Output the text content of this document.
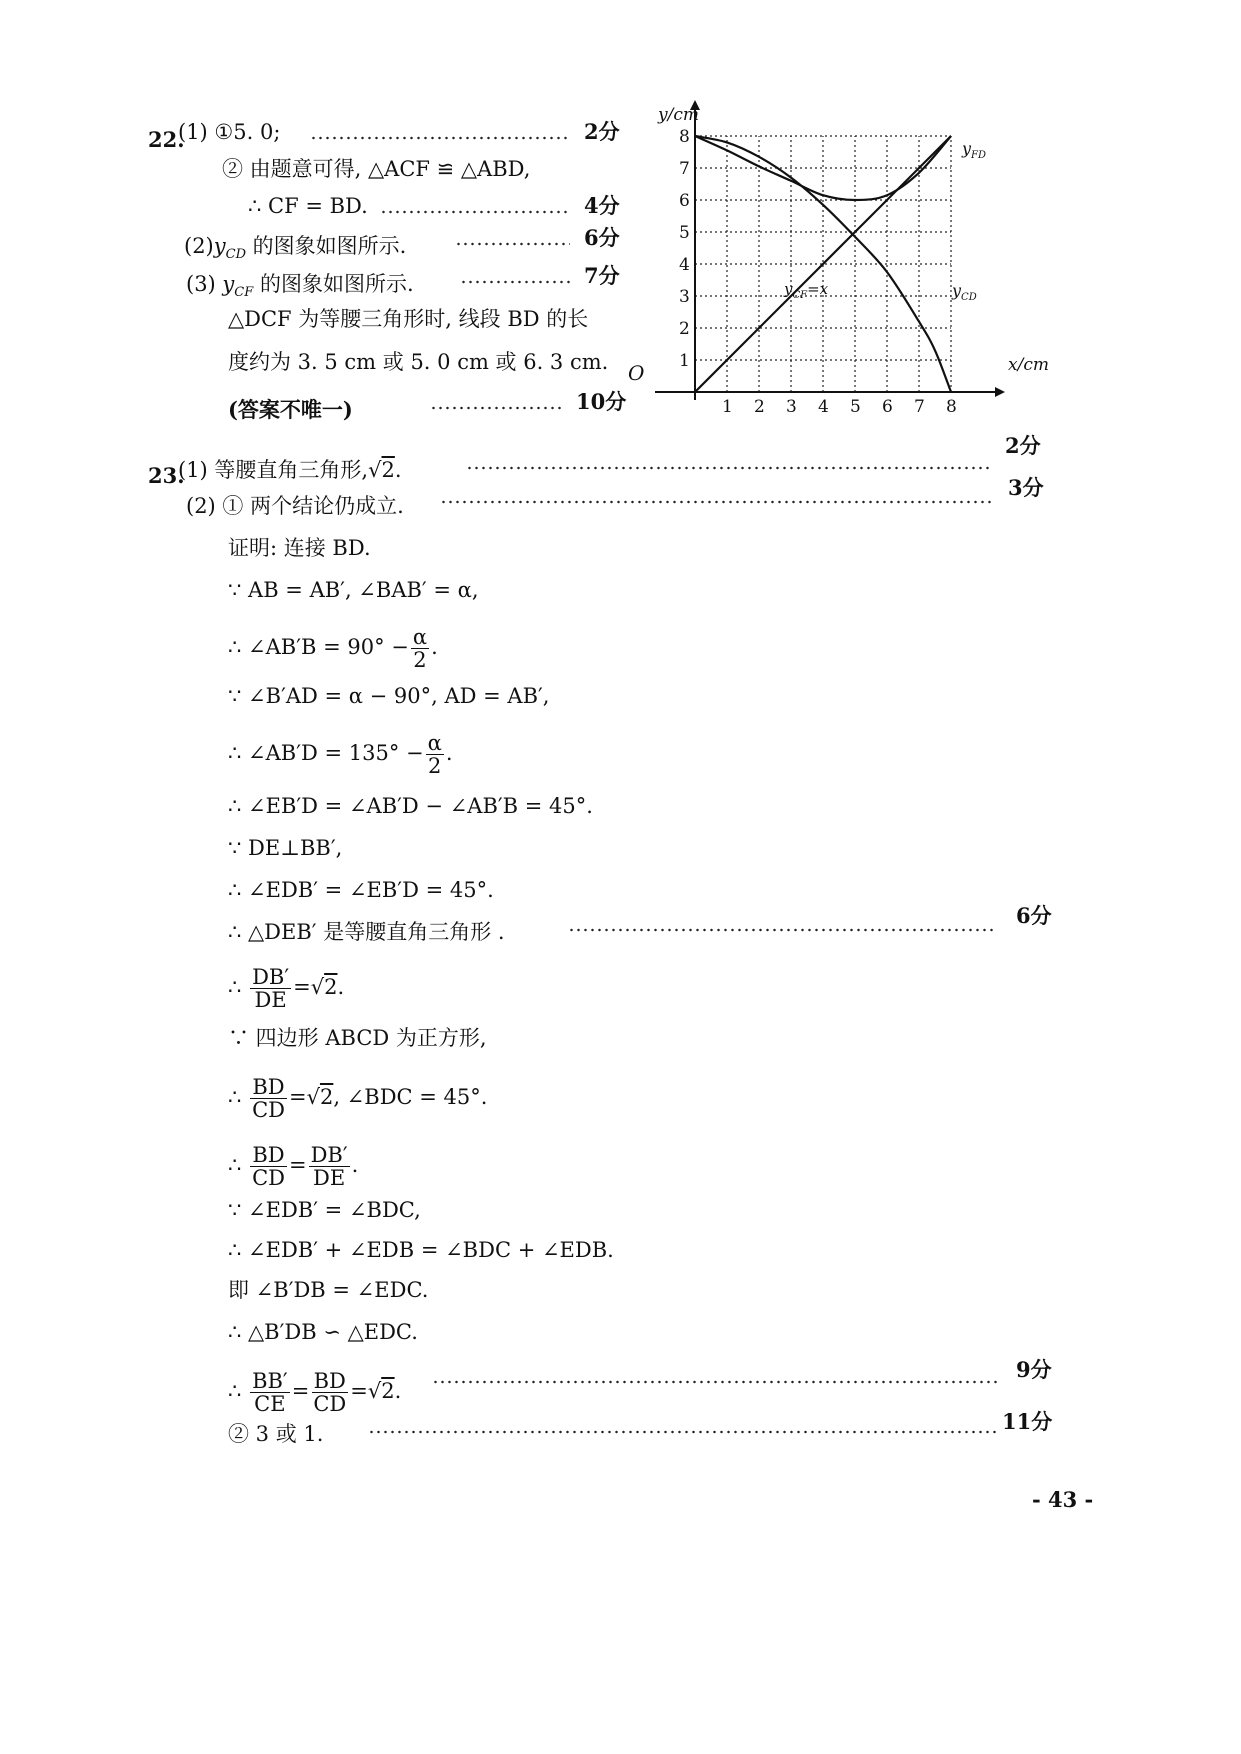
22.
(1) ①5. 0;	2分
② 由题意可得, △ACF ≌ △ABD,
∴ CF = BD.	4分
$(2)y_{CD}$ 的图象如图所示.	6分
(3) $y_{CF}$ 的图象如图所示.	7分
△DCF 为等腰三角形时, 线段 BD 的长
度约为 3. 5 cm 或 5. 0 cm 或 6. 3 cm.
(答案不唯一)	10分	1 2 3 4 5 6 7 8
1
2
3
4
5
6
7
8
O
y/cm
x/cm
$y_{FD}$
$y_{CF}=x$	$y_{CD}$
23.
(1) 等腰直角三角形,√2.
2分
(2) ① 两个结论仍成立.
3分
证明: 连接 BD.
∵ AB = AB′, ∠BAB′ = α,
∴ ∠AB′B = $90^\circ - \frac{\alpha}{2}$ .
∵ ∠B′AD = α − 90°, AD = AB′,
∴ ∠AB′D = $135^\circ - \frac{\alpha}{2}$ .
∴ ∠EB′D = ∠AB′D − ∠AB′B = 45°.
∵ DE⊥BB′,
∴ ∠EDB′ = ∠EB′D = 45°.
∴ △DEB′ 是等腰直角三角形 .
6分
∴ $\frac{DB'}{DE} =√2$.
∵ 四边形 ABCD 为正方形,
∴ $\frac{BD}{CD} =√2$, ∠BDC = 45°.
∴ $\frac{BD}{CD} = \frac{DB'}{DE}$ .
∵ ∠EDB′ = ∠BDC,
∴ ∠EDB′ + ∠EDB = ∠BDC + ∠EDB.
即 ∠B′DB = ∠EDC.
∴ △B′DB ∽ △EDC.
∴ $\frac{BB'}{CE} = \frac{BD}{CD} =√2$.
9分
② 3 或 1.	11分
- 43 -
